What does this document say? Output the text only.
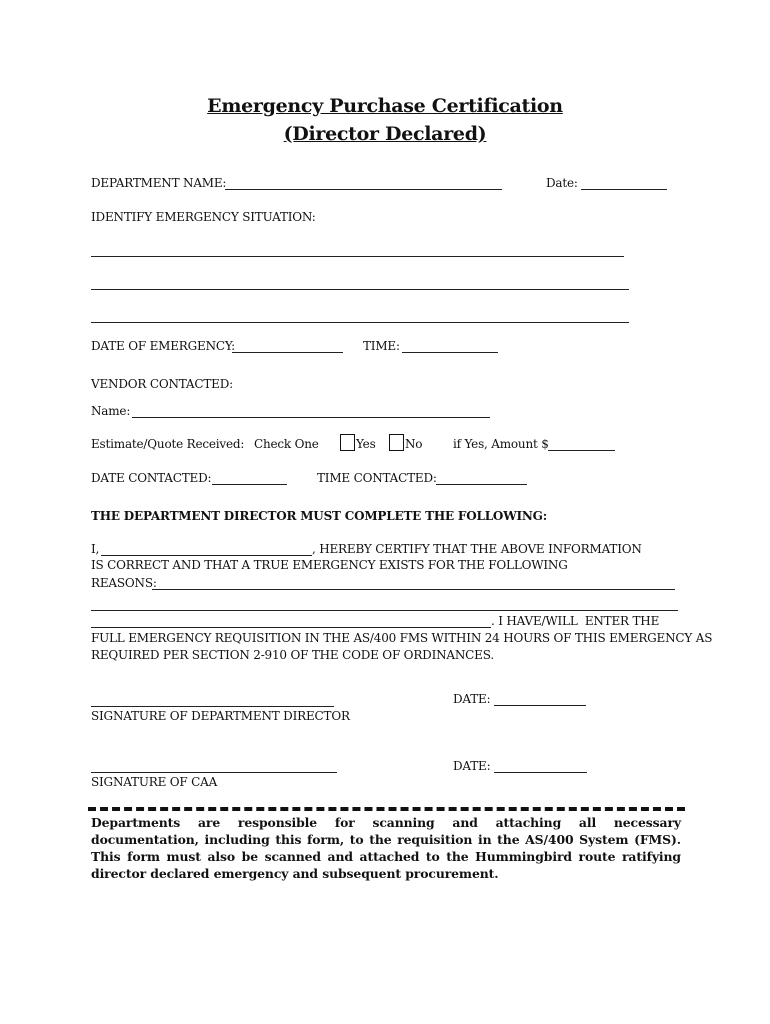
Emergency Purchase Certification
(Director Declared)
DEPARTMENT NAME:	Date:
IDENTIFY EMERGENCY SITUATION:
DATE OF EMERGENCY:	TIME:
VENDOR CONTACTED:
Name:
Estimate/Quote Received: Check One	Yes No	if Yes, Amount $
DATE CONTACTED:	TIME CONTACTED:
THE DEPARTMENT DIRECTOR MUST COMPLETE THE FOLLOWING:
I,	, HEREBY CERTIFY THAT THE ABOVE INFORMATION
IS CORRECT AND THAT A TRUE EMERGENCY EXISTS FOR THE FOLLOWING
REASONS:
. I HAVE/WILL  ENTER THE
FULL EMERGENCY REQUISITION IN THE AS/400 FMS WITHIN 24 HOURS OF THIS EMERGENCY AS
REQUIRED PER SECTION 2-910 OF THE CODE OF ORDINANCES.
SIGNATURE OF DEPARTMENT DIRECTOR
DATE:
SIGNATURE OF CAA
DATE:
Departments are responsible for scanning and attaching all necessary documentation, including this form, to the requisition in the AS/400 System (FMS). This form must also be scanned and attached to the Hummingbird route ratifying director declared emergency and subsequent procurement.
